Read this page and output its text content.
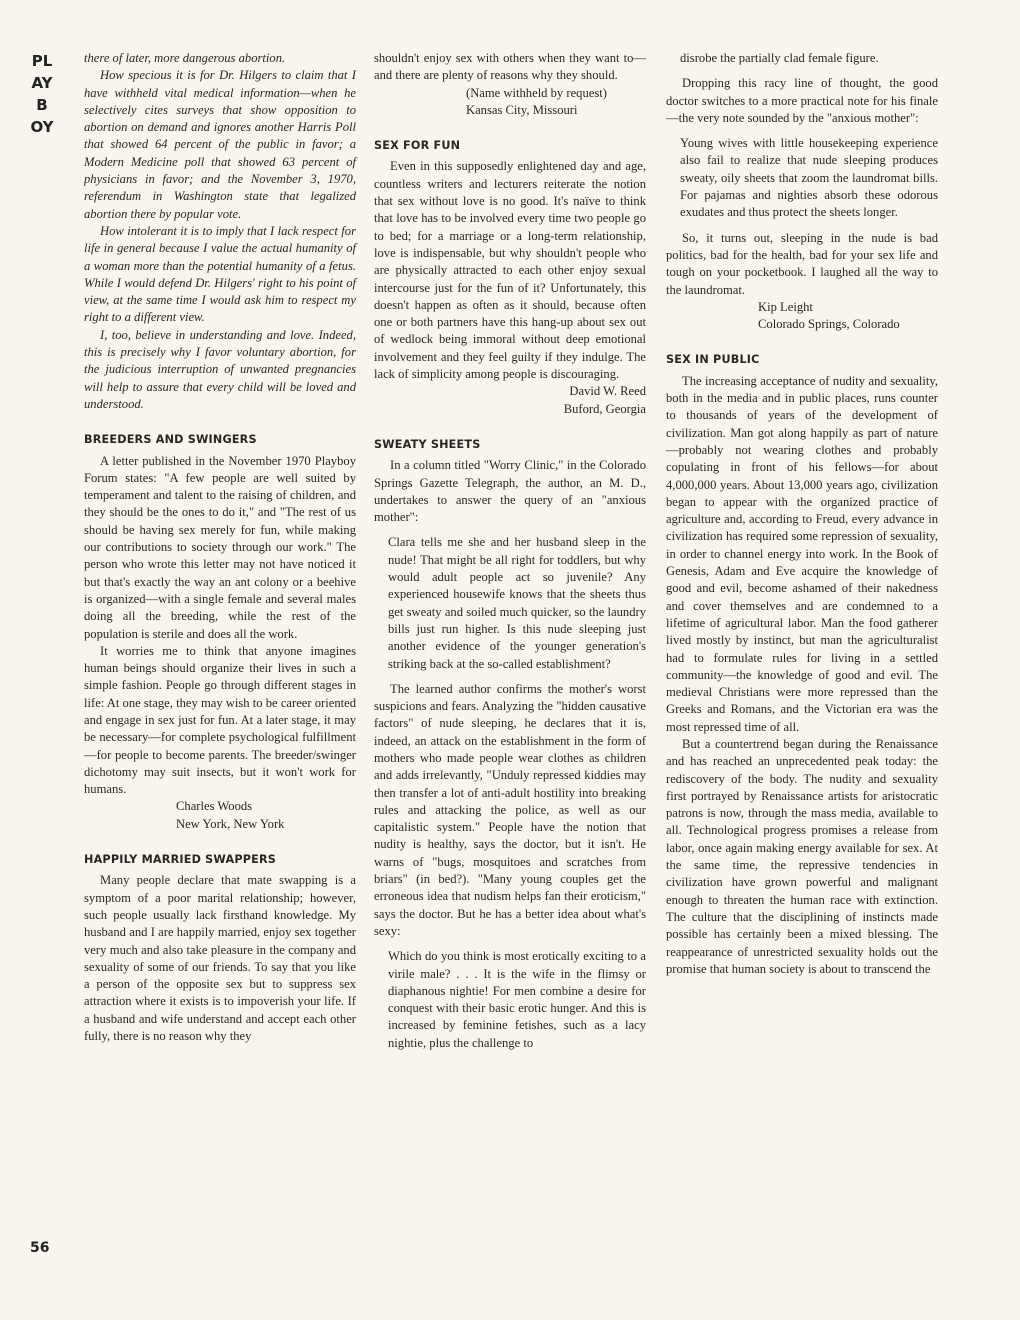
PLAYBOY
56

there of later, more dangerous abortion.

How specious it is for Dr. Hilgers to claim that I have withheld vital medical information—when he selectively cites surveys that show opposition to abortion on demand and ignores another Harris Poll that showed 64 percent of the public in favor; a Modern Medicine poll that showed 63 percent of physicians in favor; and the November 3, 1970, referendum in Washington state that legalized abortion there by popular vote.

How intolerant it is to imply that I lack respect for life in general because I value the actual humanity of a woman more than the potential humanity of a fetus. While I would defend Dr. Hilgers' right to his point of view, at the same time I would ask him to respect my right to a different view.

I, too, believe in understanding and love. Indeed, this is precisely why I favor voluntary abortion, for the judicious interruption of unwanted pregnancies will help to assure that every child will be loved and understood.

BREEDERS AND SWINGERS

A letter published in the November 1970 Playboy Forum states: "A few people are well suited by temperament and talent to the raising of children, and they should be the ones to do it," and "The rest of us should be having sex merely for fun, while making our contributions to society through our work." The person who wrote this letter may not have noticed it but that's exactly the way an ant colony or a beehive is organized—with a single female and several males doing all the breeding, while the rest of the population is sterile and does all the work.

It worries me to think that anyone imagines human beings should organize their lives in such a simple fashion. People go through different stages in life: At one stage, they may wish to be career oriented and engage in sex just for fun. At a later stage, it may be necessary—for complete psychological fulfillment—for people to become parents. The breeder/swinger dichotomy may suit insects, but it won't work for humans.

Charles Woods
New York, New York

HAPPILY MARRIED SWAPPERS

Many people declare that mate swapping is a symptom of a poor marital relationship; however, such people usually lack firsthand knowledge. My husband and I are happily married, enjoy sex together very much and also take pleasure in the company and sexuality of some of our friends. To say that you like a person of the opposite sex but to suppress sex attraction where it exists is to impoverish your life. If a husband and wife understand and accept each other fully, there is no reason why they

shouldn't enjoy sex with others when they want to—and there are plenty of reasons why they should.

(Name withheld by request)
Kansas City, Missouri

SEX FOR FUN

Even in this supposedly enlightened day and age, countless writers and lecturers reiterate the notion that sex without love is no good. It's naïve to think that love has to be involved every time two people go to bed; for a marriage or a long-term relationship, love is indispensable, but why shouldn't people who are physically attracted to each other enjoy sexual intercourse just for the fun of it? Unfortunately, this doesn't happen as often as it should, because often one or both partners have this hang-up about sex out of wedlock being immoral without deep emotional involvement and they feel guilty if they indulge. The lack of simplicity among people is discouraging.

David W. Reed
Buford, Georgia

SWEATY SHEETS

In a column titled "Worry Clinic," in the Colorado Springs Gazette Telegraph, the author, an M. D., undertakes to answer the query of an "anxious mother":

Clara tells me she and her husband sleep in the nude! That might be all right for toddlers, but why would adult people act so juvenile? Any experienced housewife knows that the sheets thus get sweaty and soiled much quicker, so the laundry bills just run higher. Is this nude sleeping just another evidence of the younger generation's striking back at the so-called establishment?

The learned author confirms the mother's worst suspicions and fears. Analyzing the "hidden causative factors" of nude sleeping, he declares that it is, indeed, an attack on the establishment in the form of mothers who made people wear clothes as children and adds irrelevantly, "Unduly repressed kiddies may then transfer a lot of anti-adult hostility into breaking rules and attacking the police, as well as our capitalistic system." People have the notion that nudity is healthy, says the doctor, but it isn't. He warns of "bugs, mosquitoes and scratches from briars" (in bed?). "Many young couples get the erroneous idea that nudism helps fan their eroticism," says the doctor. But he has a better idea about what's sexy:

Which do you think is most erotically exciting to a virile male? . . . It is the wife in the flimsy or diaphanous nightie! For men combine a desire for conquest with their basic erotic hunger. And this is increased by feminine fetishes, such as a lacy nightie, plus the challenge to

disrobe the partially clad female figure.

Dropping this racy line of thought, the good doctor switches to a more practical note for his finale—the very note sounded by the "anxious mother":

Young wives with little housekeeping experience also fail to realize that nude sleeping produces sweaty, oily sheets that zoom the laundromat bills. For pajamas and nighties absorb these odorous exudates and thus protect the sheets longer.

So, it turns out, sleeping in the nude is bad politics, bad for the health, bad for your sex life and tough on your pocketbook. I laughed all the way to the laundromat.

Kip Leight
Colorado Springs, Colorado

SEX IN PUBLIC

The increasing acceptance of nudity and sexuality, both in the media and in public places, runs counter to thousands of years of the development of civilization. Man got along happily as part of nature—probably not wearing clothes and probably copulating in front of his fellows—for about 4,000,000 years. About 13,000 years ago, civilization began to appear with the organized practice of agriculture and, according to Freud, every advance in civilization has required some repression of sexuality, in order to channel energy into work. In the Book of Genesis, Adam and Eve acquire the knowledge of good and evil, become ashamed of their nakedness and cover themselves and are condemned to a lifetime of agricultural labor. Man the food gatherer lived mostly by instinct, but man the agriculturalist had to formulate rules for living in a settled community—the knowledge of good and evil. The medieval Christians were more repressed than the Greeks and Romans, and the Victorian era was the most repressed time of all.

But a countertrend began during the Renaissance and has reached an unprecedented peak today: the rediscovery of the body. The nudity and sexuality first portrayed by Renaissance artists for aristocratic patrons is now, through the mass media, available to all. Technological progress promises a release from labor, once again making energy available for sex. At the same time, the repressive tendencies in civilization have grown powerful and malignant enough to threaten the human race with extinction. The culture that the disciplining of instincts made possible has certainly been a mixed blessing. The reappearance of unrestricted sexuality holds out the promise that human society is about to transcend the
